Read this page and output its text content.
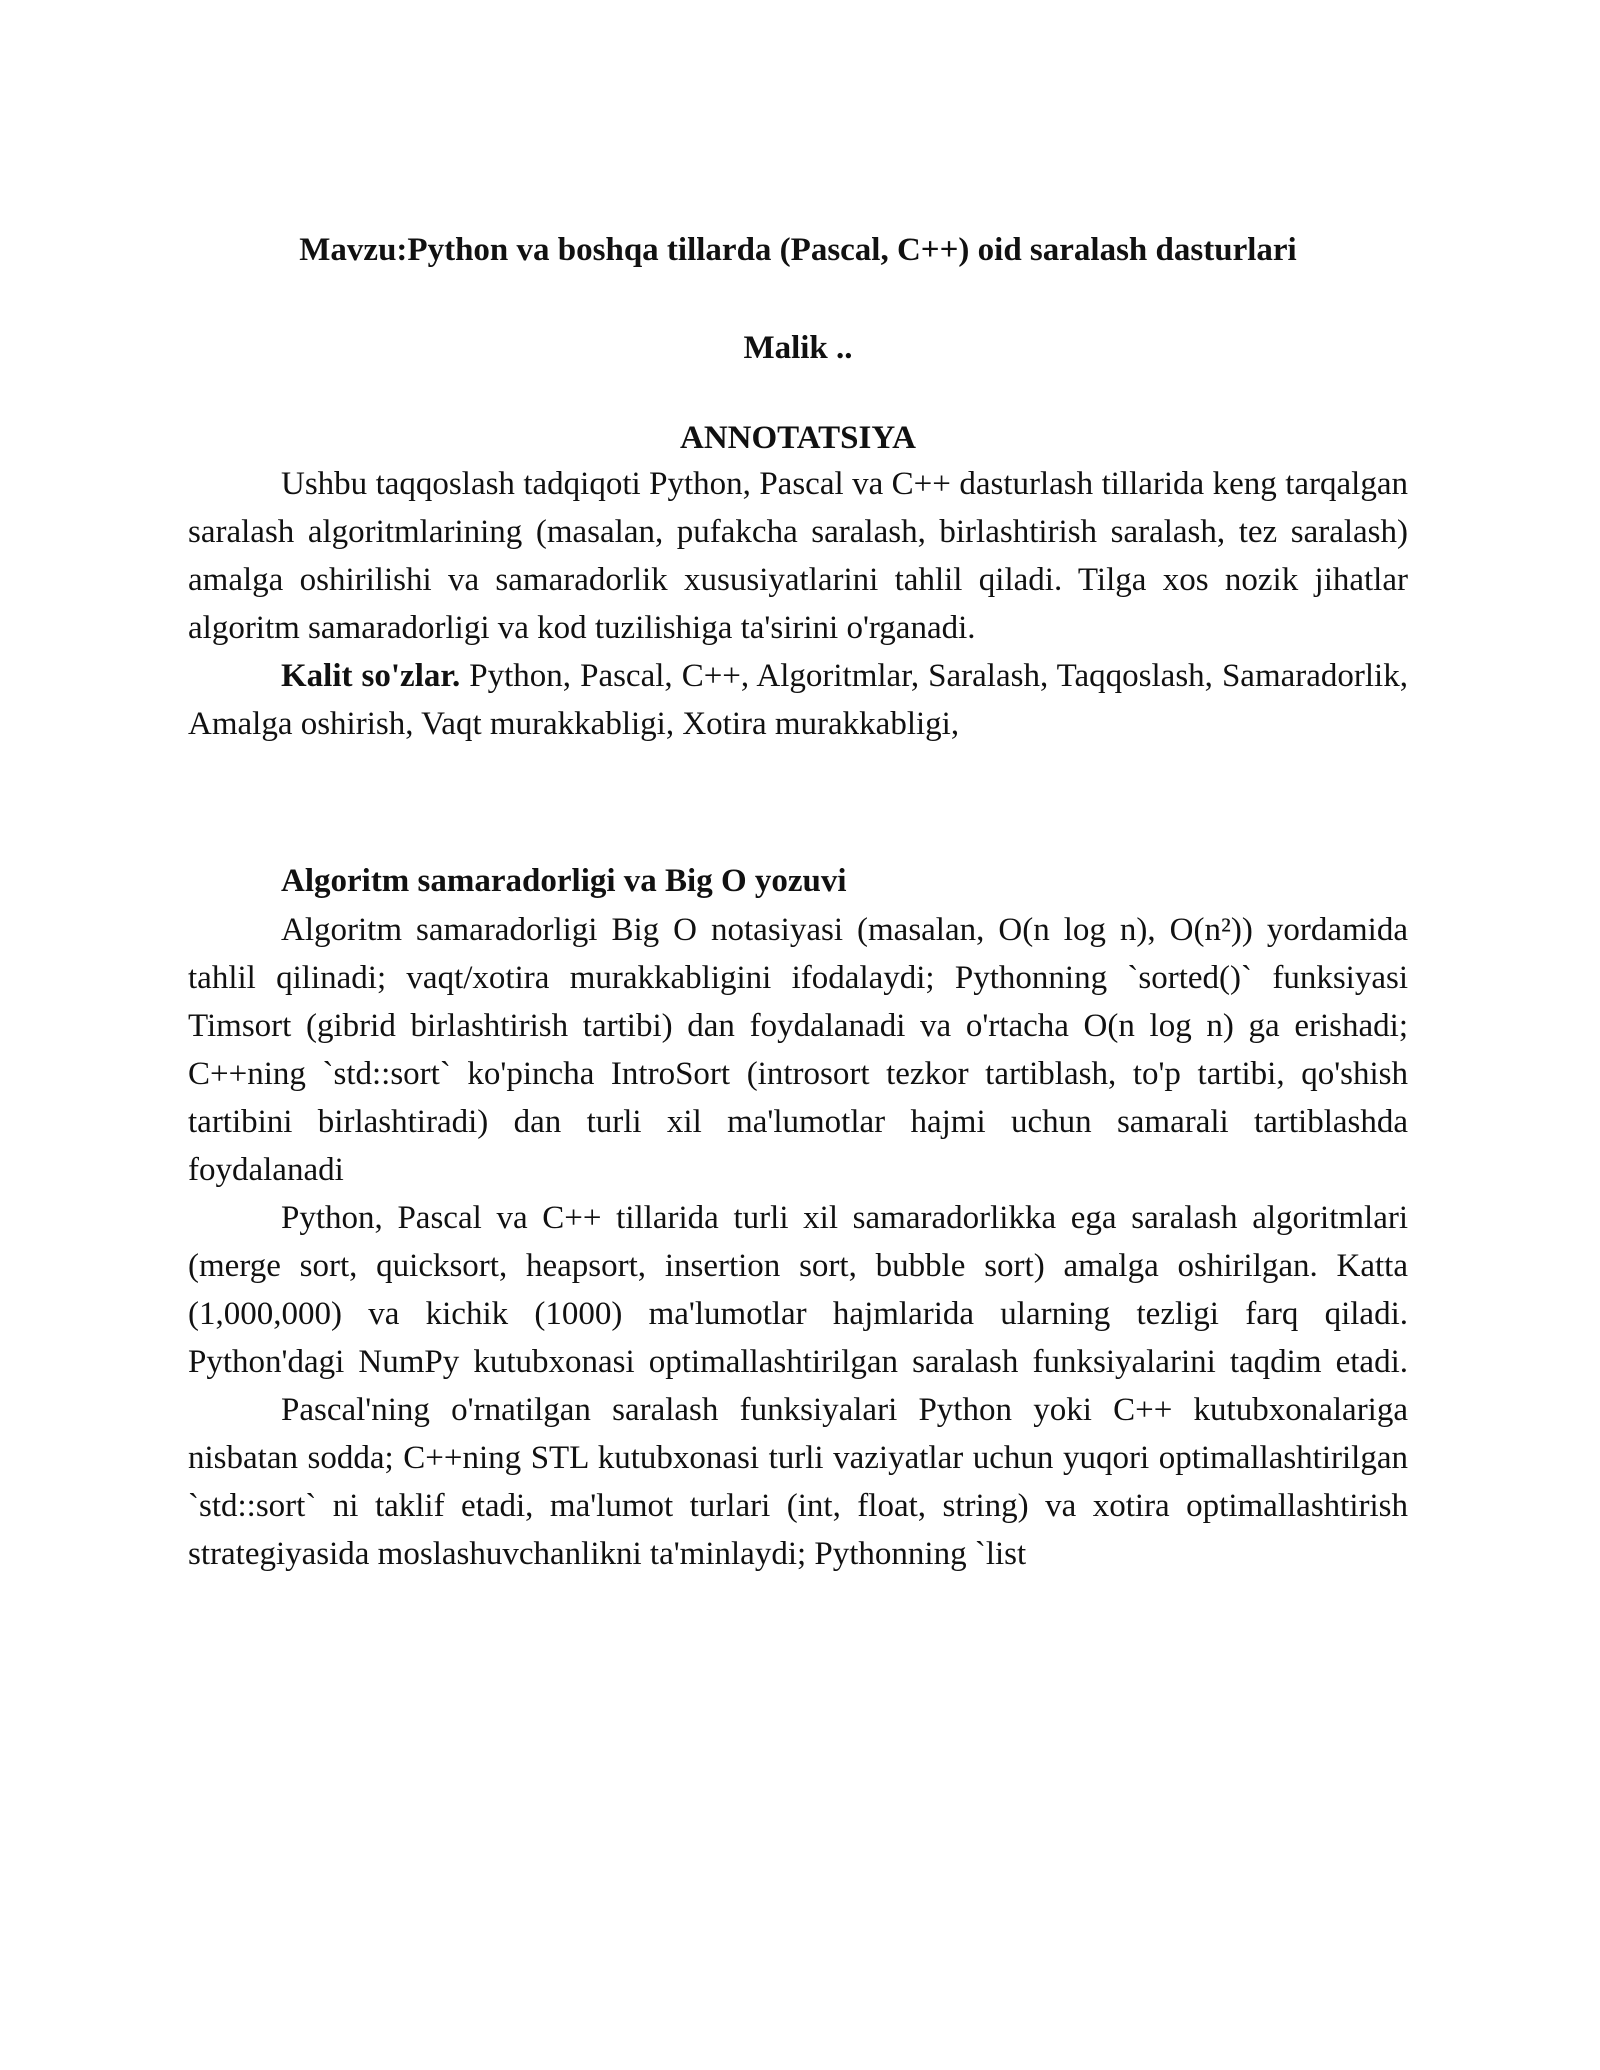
Mavzu:Python va boshqa tillarda (Pascal, C++) oid saralash dasturlari

Malik ..

ANNOTATSIYA

Ushbu taqqoslash tadqiqoti Python, Pascal va C++ dasturlash tillarida keng tarqalgan saralash algoritmlarining (masalan, pufakcha saralash, birlashtirish saralash, tez saralash) amalga oshirilishi va samaradorlik xususiyatlarini tahlil qiladi. Tilga xos nozik jihatlar algoritm samaradorligi va kod tuzilishiga ta'sirini o'rganadi.

Kalit so'zlar. Python, Pascal, C++, Algoritmlar, Saralash, Taqqoslash, Samaradorlik, Amalga oshirish, Vaqt murakkabligi, Xotira murakkabligi,

Algoritm samaradorligi va Big O yozuvi

Algoritm samaradorligi Big O notasiyasi (masalan, O(n log n), O(n²)) yordamida tahlil qilinadi; vaqt/xotira murakkabligini ifodalaydi; Pythonning `sorted()` funksiyasi Timsort (gibrid birlashtirish tartibi) dan foydalanadi va o'rtacha O(n log n) ga erishadi; C++ning `std::sort` ko'pincha IntroSort (introsort tezkor tartiblash, to'p tartibi, qo'shish tartibini birlashtiradi) dan turli xil ma'lumotlar hajmi uchun samarali tartiblashda foydalanadi

Python, Pascal va C++ tillarida turli xil samaradorlikka ega saralash algoritmlari (merge sort, quicksort, heapsort, insertion sort, bubble sort) amalga oshirilgan. Katta (1,000,000) va kichik (1000) ma'lumotlar hajmlarida ularning tezligi farq qiladi. Python'dagi NumPy kutubxonasi optimallashtirilgan saralash funksiyalarini taqdim etadi.

Pascal'ning o'rnatilgan saralash funksiyalari Python yoki C++ kutubxonalariga nisbatan sodda; C++ning STL kutubxonasi turli vaziyatlar uchun yuqori optimallashtirilgan `std::sort` ni taklif etadi, ma'lumot turlari (int, float, string) va xotira optimallashtirish strategiyasida moslashuvchanlikni ta'minlaydi; Pythonning `list
